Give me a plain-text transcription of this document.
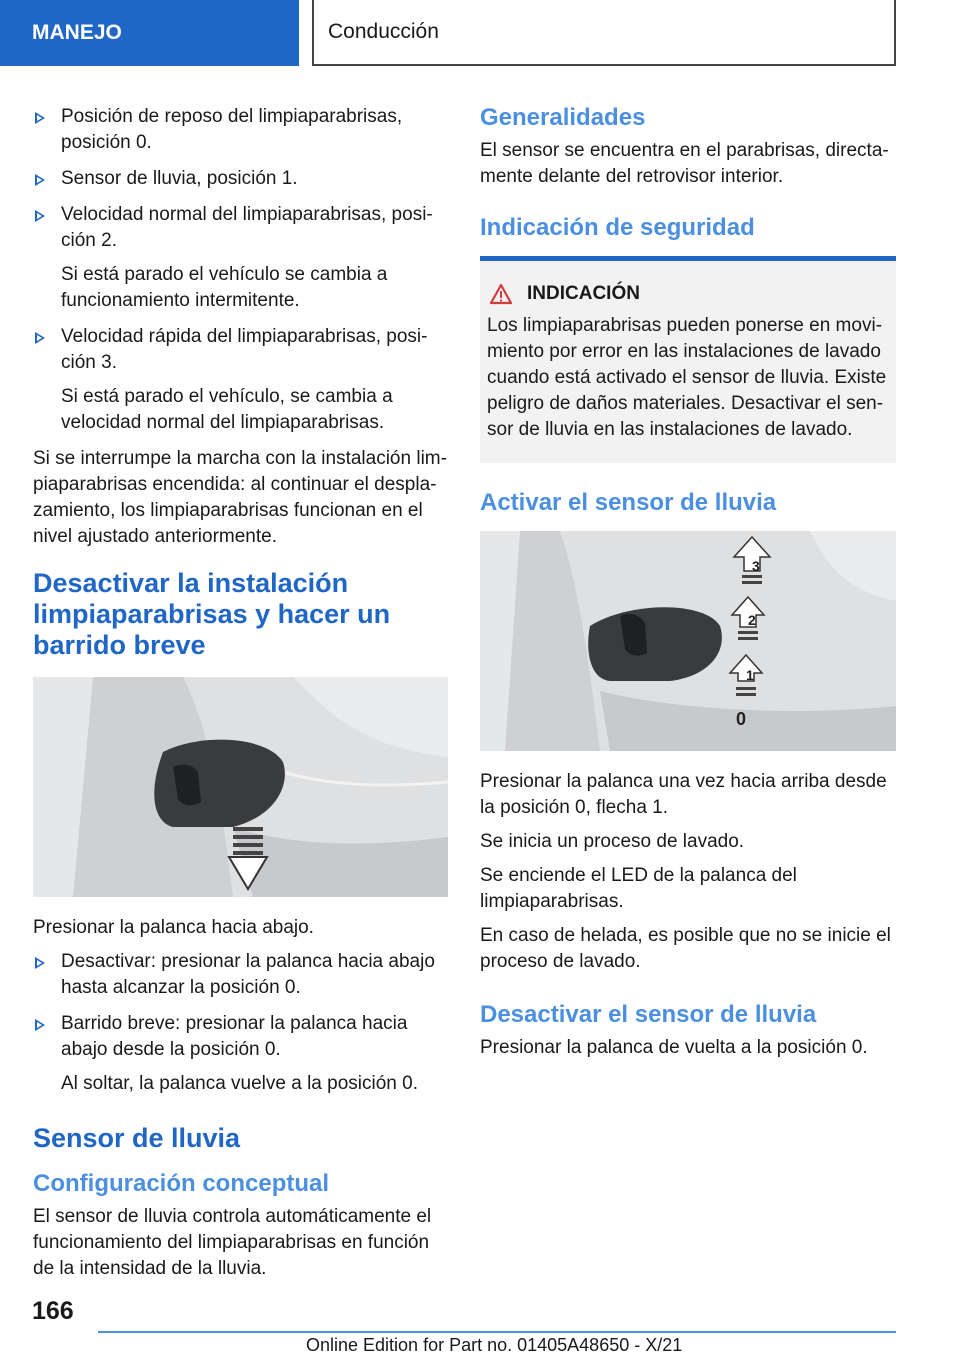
MANEJO	Conducción
Posición de reposo del limpiaparabrisas, posición 0.
Sensor de lluvia, posición 1.
Velocidad normal del limpiaparabrisas, posición 2.
Si está parado el vehículo se cambia a funcionamiento intermitente.
Velocidad rápida del limpiaparabrisas, posición 3.
Si está parado el vehículo, se cambia a velocidad normal del limpiaparabrisas.

Si se interrumpe la marcha con la instalación limpiaparabrisas encendida: al continuar el desplazamiento, los limpiaparabrisas funcionan en el nivel ajustado anteriormente.

Desactivar la instalación limpiaparabrisas y hacer un barrido breve

Presionar la palanca hacia abajo.

Desactivar: presionar la palanca hacia abajo hasta alcanzar la posición 0.
Barrido breve: presionar la palanca hacia abajo desde la posición 0.
Al soltar, la palanca vuelve a la posición 0.
Sensor de lluvia
Configuración conceptual

El sensor de lluvia controla automáticamente el funcionamiento del limpiaparabrisas en función de la intensidad de la lluvia.

Generalidades

El sensor se encuentra en el parabrisas, directamente delante del retrovisor interior.

Indicación de seguridad
INDICACIÓN

Los limpiaparabrisas pueden ponerse en movimiento por error en las instalaciones de lavado cuando está activado el sensor de lluvia. Existe peligro de daños materiales. Desactivar el sensor de lluvia en las instalaciones de lavado.

Activar el sensor de lluvia
3
2
1
0

Presionar la palanca una vez hacia arriba desde la posición 0, flecha 1.

Se inicia un proceso de lavado.

Se enciende el LED de la palanca del limpiaparabrisas.

En caso de helada, es posible que no se inicie el proceso de lavado.

Desactivar el sensor de lluvia

Presionar la palanca de vuelta a la posición 0.

166
Online Edition for Part no. 01405A48650 - X/21
